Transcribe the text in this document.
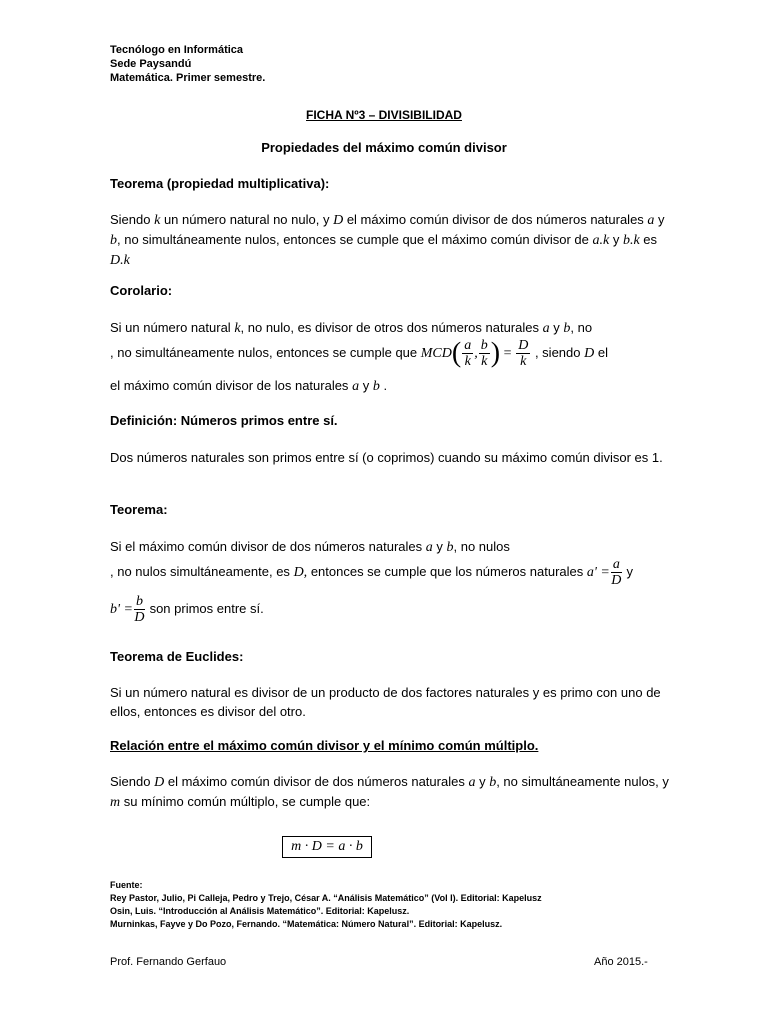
Tecnólogo en Informática
Sede Paysandú
Matemática. Primer semestre.
FICHA Nº3 – DIVISIBILIDAD
Propiedades del máximo común divisor
Teorema (propiedad multiplicativa):
Siendo k un número natural no nulo, y D el máximo común divisor de dos números naturales a y b, no simultáneamente nulos, entonces se cumple que el máximo común divisor de a.k y b.k es D.k
Corolario:
Si un número natural k, no nulo, es divisor de otros dos números naturales a y b, no
, no simultáneamente nulos, entonces se cumple que $MCD( \frac{a}{k}$ , $\frac{b}{k}$ ) = $\frac{D}{k}$ , siendo D el
el máximo común divisor de los naturales a y b .
Definición: Números primos entre sí.
Dos números naturales son primos entre sí (o coprimos) cuando su máximo común divisor es 1.
Teorema:
Si el máximo común divisor de dos números naturales a y b, no nulos
, no nulos simultáneamente, es D, entonces se cumple que los números naturales $a' = \frac{a}{D}$ y
$b' = \frac{b}{D}$ son primos entre sí.
Teorema de Euclides:
Si un número natural es divisor de un producto de dos factores naturales y es primo con uno de ellos, entonces es divisor del otro.
Relación entre el máximo común divisor y el mínimo común múltiplo.
Siendo D el máximo común divisor de dos números naturales a y b, no simultáneamente nulos, y m su mínimo común múltiplo, se cumple que:
m · D = a · b
Fuente:
Rey Pastor, Julio, Pi Calleja, Pedro y Trejo, César A. “Análisis Matemático” (Vol I). Editorial: Kapelusz
Osin, Luis. “Introducción al Análisis Matemático”. Editorial: Kapelusz.
Murninkas, Fayve y Do Pozo, Fernando. “Matemática: Número Natural”. Editorial: Kapelusz.
Prof. Fernando Gerfauo	Año 2015.-
